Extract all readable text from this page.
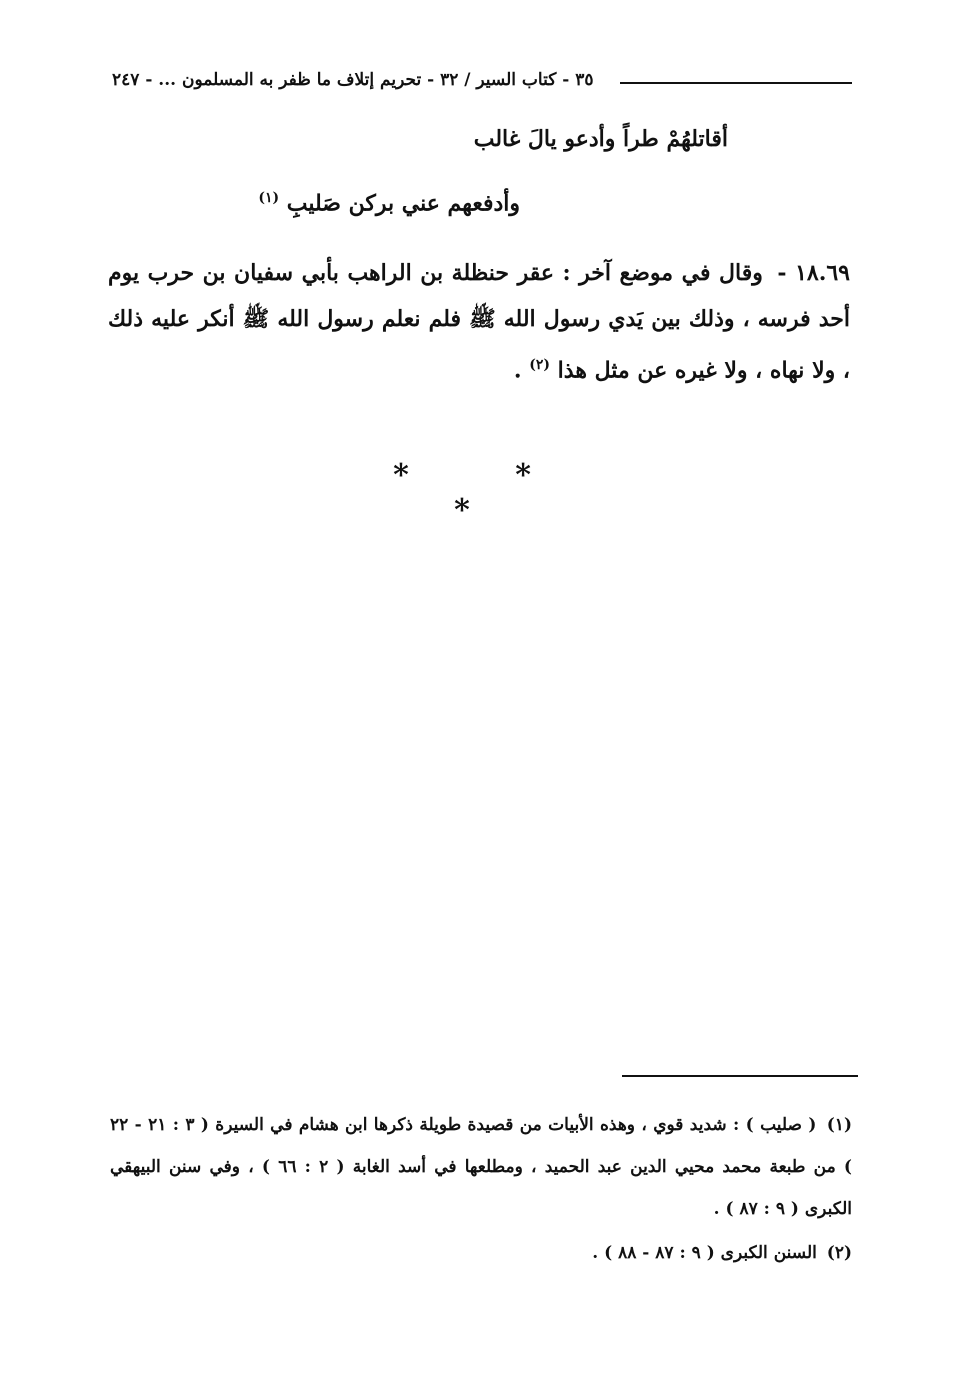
٣٥ - كتاب السير / ٣٢ - تحريم إتلاف ما ظفر به المسلمون ... - ٢٤٧
أقاتلهُمْ طراً وأدعو يالَ غالب
وأدفعهم عني بركن صَليبِ $^{(١)}$
١٨.٦٩ - وقال في موضع آخر : عقر حنظلة بن الراهب بأبي سفيان بن حرب يوم أحد فرسه ، وذلك بين يَدي رسول الله ﷺ فلم نعلم رسول الله ﷺ أنكر عليه ذلك ، ولا نهاه ، ولا غيره عن مثل هذا $^{(٢)}$ .
* * *

(١) ( صليب ) : شديد قوي ، وهذه الأبيات من قصيدة طويلة ذكرها ابن هشام في السيرة ( ٣ : ٢١ - ٢٢ ) من طبعة محمد محيي الدين عبد الحميد ، ومطلعها في أسد الغابة ( ٢ : ٦٦ ) ، وفي سنن البيهقي الكبرى ( ٩ : ٨٧ ) .

(٢) السنن الكبرى ( ٩ : ٨٧ - ٨٨ ) .
